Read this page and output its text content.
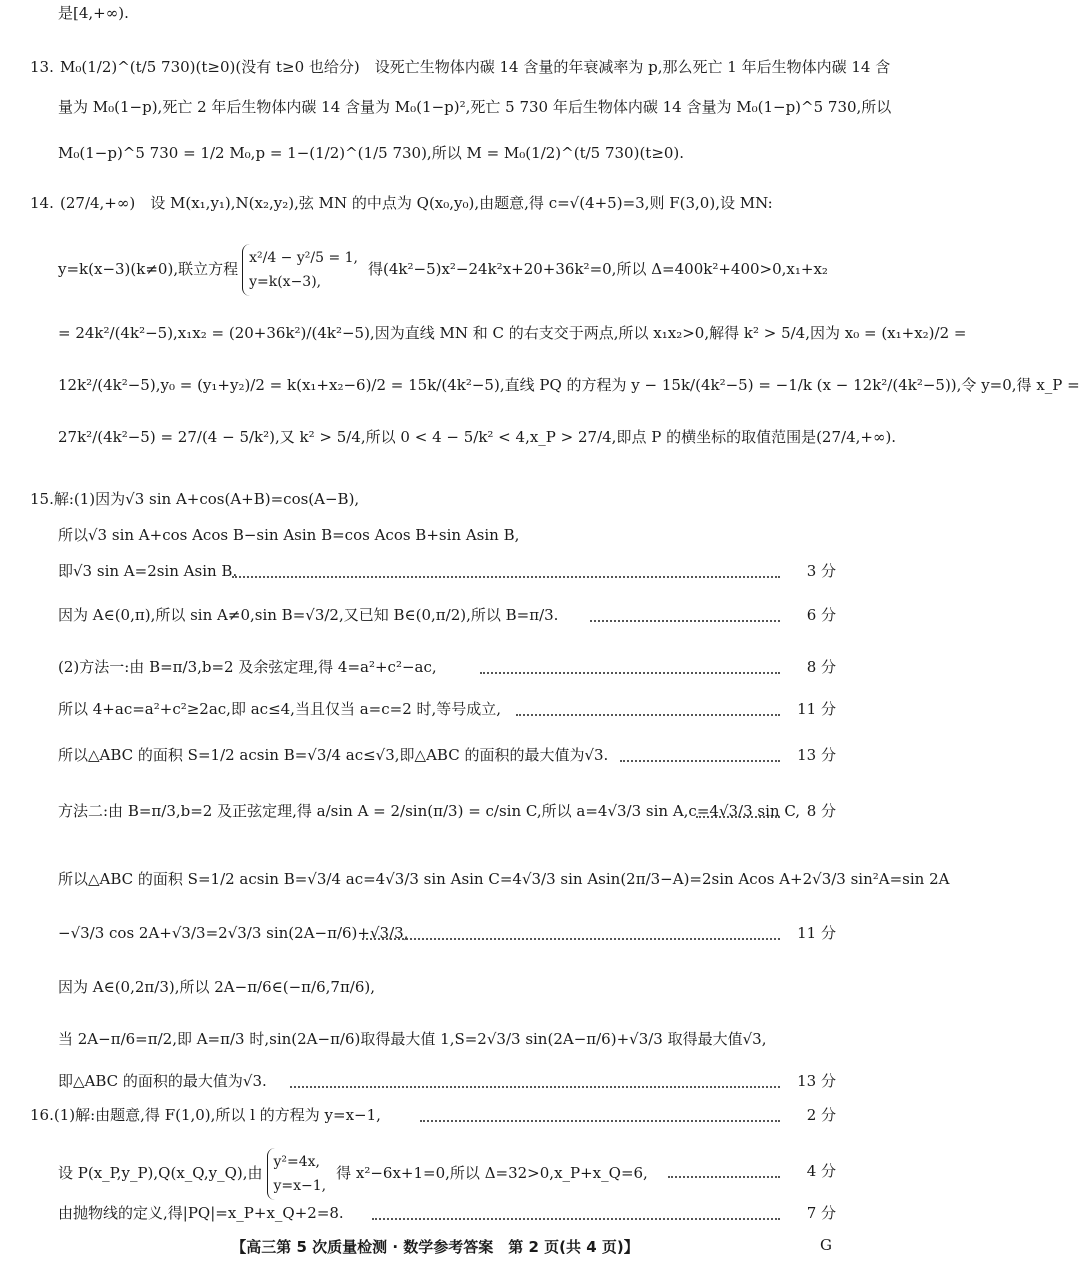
是[4,+∞).
13. M₀(1/2)^(t/5 730)(t≥0)(没有 t≥0 也给分)　设死亡生物体内碳 14 含量的年衰减率为 p,那么死亡 1 年后生物体内碳 14 含
量为 M₀(1−p),死亡 2 年后生物体内碳 14 含量为 M₀(1−p)²,死亡 5 730 年后生物体内碳 14 含量为 M₀(1−p)^5 730,所以
M₀(1−p)^5 730 = 1/2 M₀,p = 1−(1/2)^(1/5 730),所以 M = M₀(1/2)^(t/5 730)(t≥0).
14. (27/4,+∞)　设 M(x₁,y₁),N(x₂,y₂),弦 MN 的中点为 Q(x₀,y₀),由题意,得 c=√(4+5)=3,则 F(3,0),设 MN:
y=k(x−3)(k≠0),联立方程
x²/4 − y²/5 = 1,
y=k(x−3),
得(4k²−5)x²−24k²x+20+36k²=0,所以 Δ=400k²+400>0,x₁+x₂
= 24k²/(4k²−5),x₁x₂ = (20+36k²)/(4k²−5),因为直线 MN 和 C 的右支交于两点,所以 x₁x₂>0,解得 k² > 5/4,因为 x₀ = (x₁+x₂)/2 =
12k²/(4k²−5),y₀ = (y₁+y₂)/2 = k(x₁+x₂−6)/2 = 15k/(4k²−5),直线 PQ 的方程为 y − 15k/(4k²−5) = −1/k (x − 12k²/(4k²−5)),令 y=0,得 x_P =
27k²/(4k²−5) = 27/(4 − 5/k²),又 k² > 5/4,所以 0 < 4 − 5/k² < 4,x_P > 27/4,即点 P 的横坐标的取值范围是(27/4,+∞).
15.解:(1)因为√3 sin A+cos(A+B)=cos(A−B),
所以√3 sin A+cos Acos B−sin Asin B=cos Acos B+sin Asin B,
即√3 sin A=2sin Asin B.	3 分
因为 A∈(0,π),所以 sin A≠0,sin B=√3/2,又已知 B∈(0,π/2),所以 B=π/3.	6 分
(2)方法一:由 B=π/3,b=2 及余弦定理,得 4=a²+c²−ac,	8 分
所以 4+ac=a²+c²≥2ac,即 ac≤4,当且仅当 a=c=2 时,等号成立,	11 分
所以△ABC 的面积 S=1/2 acsin B=√3/4 ac≤√3,即△ABC 的面积的最大值为√3.	13 分
方法二:由 B=π/3,b=2 及正弦定理,得 a/sin A = 2/sin(π/3) = c/sin C,所以 a=4√3/3 sin A,c=4√3/3 sin C, 8 分
所以△ABC 的面积 S=1/2 acsin B=√3/4 ac=4√3/3 sin Asin C=4√3/3 sin Asin(2π/3−A)=2sin Acos A+2√3/3 sin²A=sin 2A
−√3/3 cos 2A+√3/3=2√3/3 sin(2A−π/6)+√3/3,	11 分
因为 A∈(0,2π/3),所以 2A−π/6∈(−π/6,7π/6),
当 2A−π/6=π/2,即 A=π/3 时,sin(2A−π/6)取得最大值 1,S=2√3/3 sin(2A−π/6)+√3/3 取得最大值√3,
即△ABC 的面积的最大值为√3.	13 分
16.(1)解:由题意,得 F(1,0),所以 l 的方程为 y=x−1,	2 分
设 P(x_P,y_P),Q(x_Q,y_Q),由
y²=4x,
y=x−1,
得 x²−6x+1=0,所以 Δ=32>0,x_P+x_Q=6,	4 分
由抛物线的定义,得|PQ|=x_P+x_Q+2=8.	7 分
【高三第 5 次质量检测 · 数学参考答案　第 2 页(共 4 页)】	G
